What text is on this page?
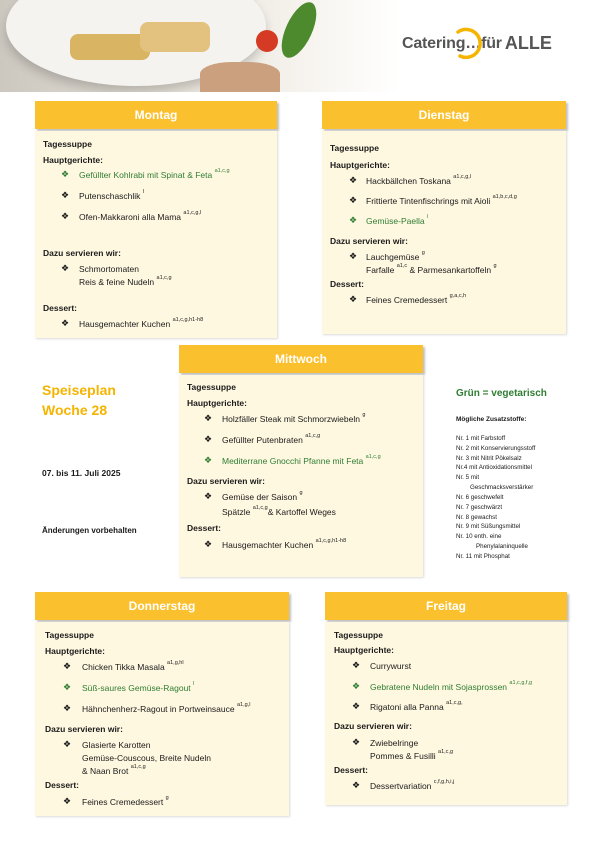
Catering…für ALLE
Montag
Tagessuppe
Hauptgerichte:
❖ Gefüllter Kohlrabi mit Spinat & Feta $^{a1,c,g}$
❖ Putenschaschlik $^l$
❖ Ofen-Makkaroni alla Mama $^{a1,c,g,l}$
Dazu servieren wir:
❖ Schmortomaten
Reis & feine Nudeln $^{a1,c,g}$
Dessert:
❖ Hausgemachter Kuchen $^{a1,c,g,h1-h8}$
Dienstag
Tagessuppe
Hauptgerichte:
❖ Hackbällchen Toskana $^{a1,c,g,l}$
❖ Frittierte Tintenfischrings mit Aioli $^{a1,b,c,d,g}$
❖ Gemüse-Paella $^l$
Dazu servieren wir:
❖ Lauchgemüse $^g$
Farfalle $^{a1,c}$ & Parmesankartoffeln $^g$
Dessert:
❖ Feines Cremedessert $^{g,a,c,h}$
Mittwoch
Tagessuppe
Hauptgerichte:
❖ Holzfäller Steak mit Schmorzwiebeln $^g$
❖ Gefüllter Putenbraten $^{a1,c,g}$
❖ Mediterrane Gnocchi Pfanne mit Feta $^{a1,c,g}$
Dazu servieren wir:
❖ Gemüse der Saison $^g$
Spätzle $^{a1,c,g}$& Kartoffel Weges
Dessert:
❖ Hausgemachter Kuchen $^{a1,c,g,h1-h8}$
Speiseplan
Woche 28
07. bis 11. Juli 2025
Änderungen vorbehalten
Grün = vegetarisch
Mögliche Zusatzstoffe:
Nr. 1 mit Farbstoff
Nr. 2 mit Konservierungsstoff
Nr. 3 mit Nitrit Pökelsalz
Nr.4 mit Antioxidationsmittel
Nr. 5 mit
Geschmacksverstärker
Nr. 6 geschwefelt
Nr. 7 geschwärzt
Nr. 8 gewachst
Nr. 9 mit Süßungsmittel
Nr. 10 enth. eine
Phenylalaninquelle
Nr. 11 mit Phosphat
Donnerstag
Tagessuppe
Hauptgerichte:
❖ Chicken Tikka Masala $^{a1,g,hl}$
❖ Süß-saures Gemüse-Ragout $^l$
❖ Hähnchenherz-Ragout in Portweinsauce $^{a1,g,l}$
Dazu servieren wir:
❖ Glasierte Karotten
Gemüse-Couscous, Breite Nudeln
& Naan Brot $^{a1,c,g}$
Dessert:
❖ Feines Cremedessert $^g$
Freitag
Tagessuppe
Hauptgerichte:
❖ Currywurst
❖ Gebratene Nudeln mit Sojasprossen $^{a1,c,g,f,g}$
❖ Rigatoni alla Panna $^{a1,c,g,}$
Dazu servieren wir:
❖ Zwiebelringe
Pommes & Fusilli $^{a1,c,g}$
Dessert:
❖ Dessertvariation $^{c,f,g,h,i,j}$
